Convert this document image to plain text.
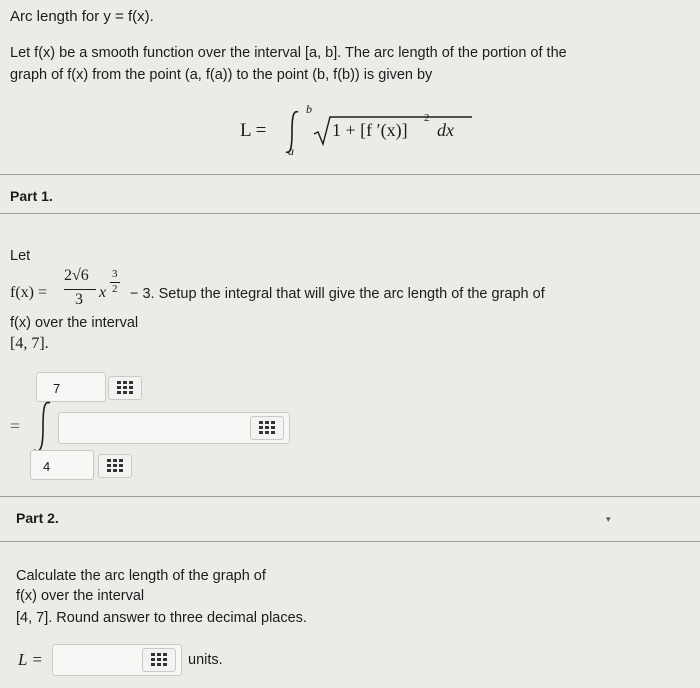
Arc length for y = f(x).
Let f(x) be a smooth function over the interval [a, b]. The arc length of the portion of the
graph of f(x) from the point (a, f(a)) to the point (b, f(b)) is given by
L =
b
a
1 + [f ′(x)]
2
dx
Part 1.
Let
f(x) =
2√6
3 x
3
2 − 3. Setup the integral that will give the arc length of the graph of
f(x) over the interval
[4, 7].
7
=
4
Part 2.	▾
Calculate the arc length of the graph of
f(x) over the interval
[4, 7]. Round answer to three decimal places.
L =	units.
